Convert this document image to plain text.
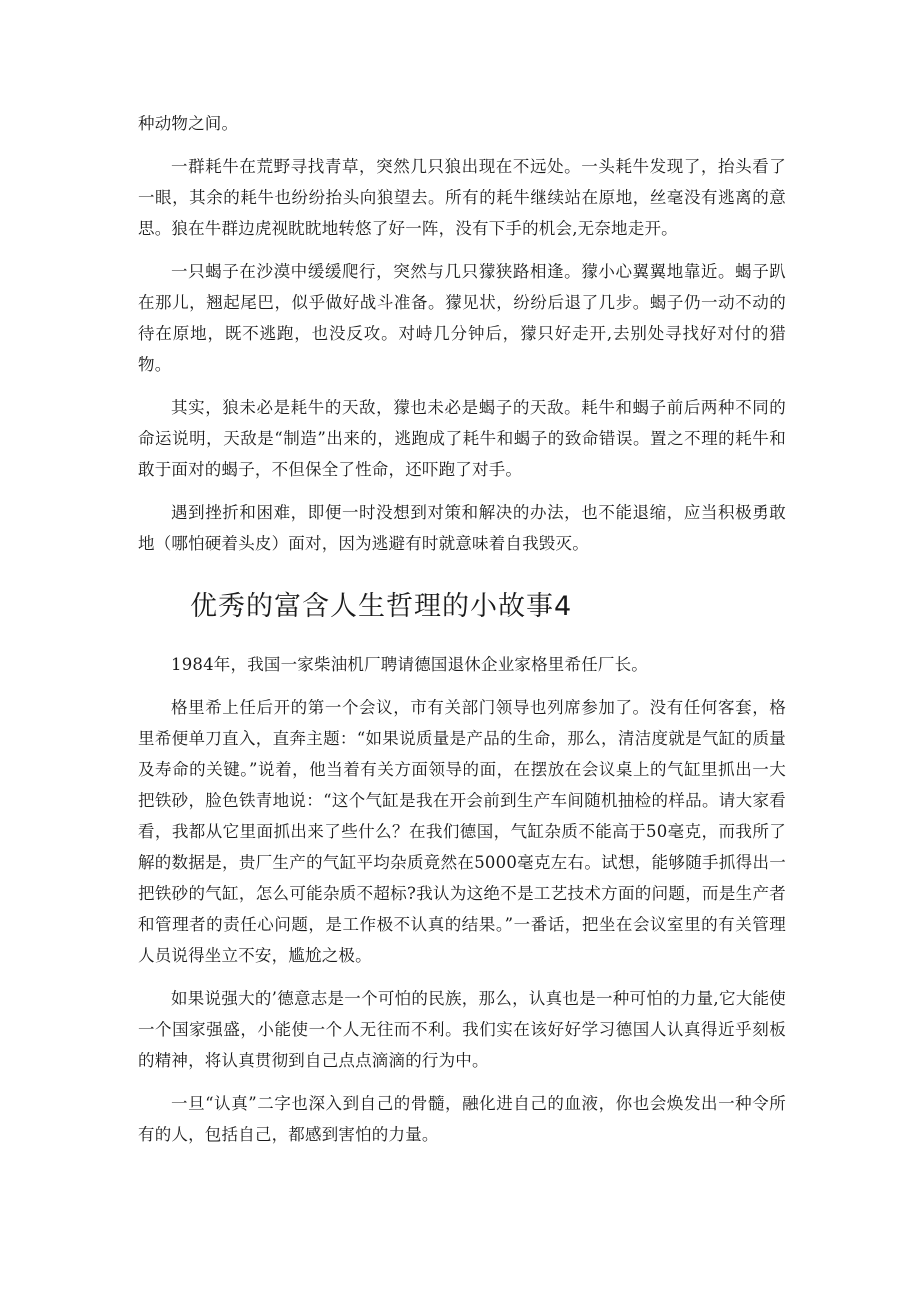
种动物之间。

一群耗牛在荒野寻找青草，突然几只狼出现在不远处。一头耗牛发现了，抬头看了一眼，其余的耗牛也纷纷抬头向狼望去。所有的耗牛继续站在原地，丝毫没有逃离的意思。狼在牛群边虎视眈眈地转悠了好一阵，没有下手的机会,无奈地走开。

一只蝎子在沙漠中缓缓爬行，突然与几只獴狭路相逢。獴小心翼翼地靠近。蝎子趴在那儿，翘起尾巴，似乎做好战斗准备。獴见状，纷纷后退了几步。蝎子仍一动不动的待在原地，既不逃跑，也没反攻。对峙几分钟后，獴只好走开,去别处寻找好对付的猎物。

其实，狼未必是耗牛的天敌，獴也未必是蝎子的天敌。耗牛和蝎子前后两种不同的命运说明，天敌是“制造”出来的，逃跑成了耗牛和蝎子的致命错误。置之不理的耗牛和敢于面对的蝎子，不但保全了性命，还吓跑了对手。

遇到挫折和困难，即便一时没想到对策和解决的办法，也不能退缩，应当积极勇敢地（哪怕硬着头皮）面对，因为逃避有时就意味着自我毁灭。

优秀的富含人生哲理的小故事4

1984年，我国一家柴油机厂聘请德国退休企业家格里希任厂长。

格里希上任后开的第一个会议，市有关部门领导也列席参加了。没有任何客套，格里希便单刀直入，直奔主题：“如果说质量是产品的生命，那么，清洁度就是气缸的质量及寿命的关键。”说着，他当着有关方面领导的面，在摆放在会议桌上的气缸里抓出一大把铁砂，脸色铁青地说：“这个气缸是我在开会前到生产车间随机抽检的样品。请大家看看，我都从它里面抓出来了些什么？在我们德国，气缸杂质不能高于50毫克，而我所了解的数据是，贵厂生产的气缸平均杂质竟然在5000毫克左右。试想，能够随手抓得出一把铁砂的气缸，怎么可能杂质不超标?我认为这绝不是工艺技术方面的问题，而是生产者和管理者的责任心问题，是工作极不认真的结果。”一番话，把坐在会议室里的有关管理人员说得坐立不安，尴尬之极。

如果说强大的’德意志是一个可怕的民族，那么，认真也是一种可怕的力量,它大能使一个国家强盛，小能使一个人无往而不利。我们实在该好好学习德国人认真得近乎刻板的精神，将认真贯彻到自己点点滴滴的行为中。

一旦“认真”二字也深入到自己的骨髓，融化进自己的血液，你也会焕发出一种令所有的人，包括自己，都感到害怕的力量。
